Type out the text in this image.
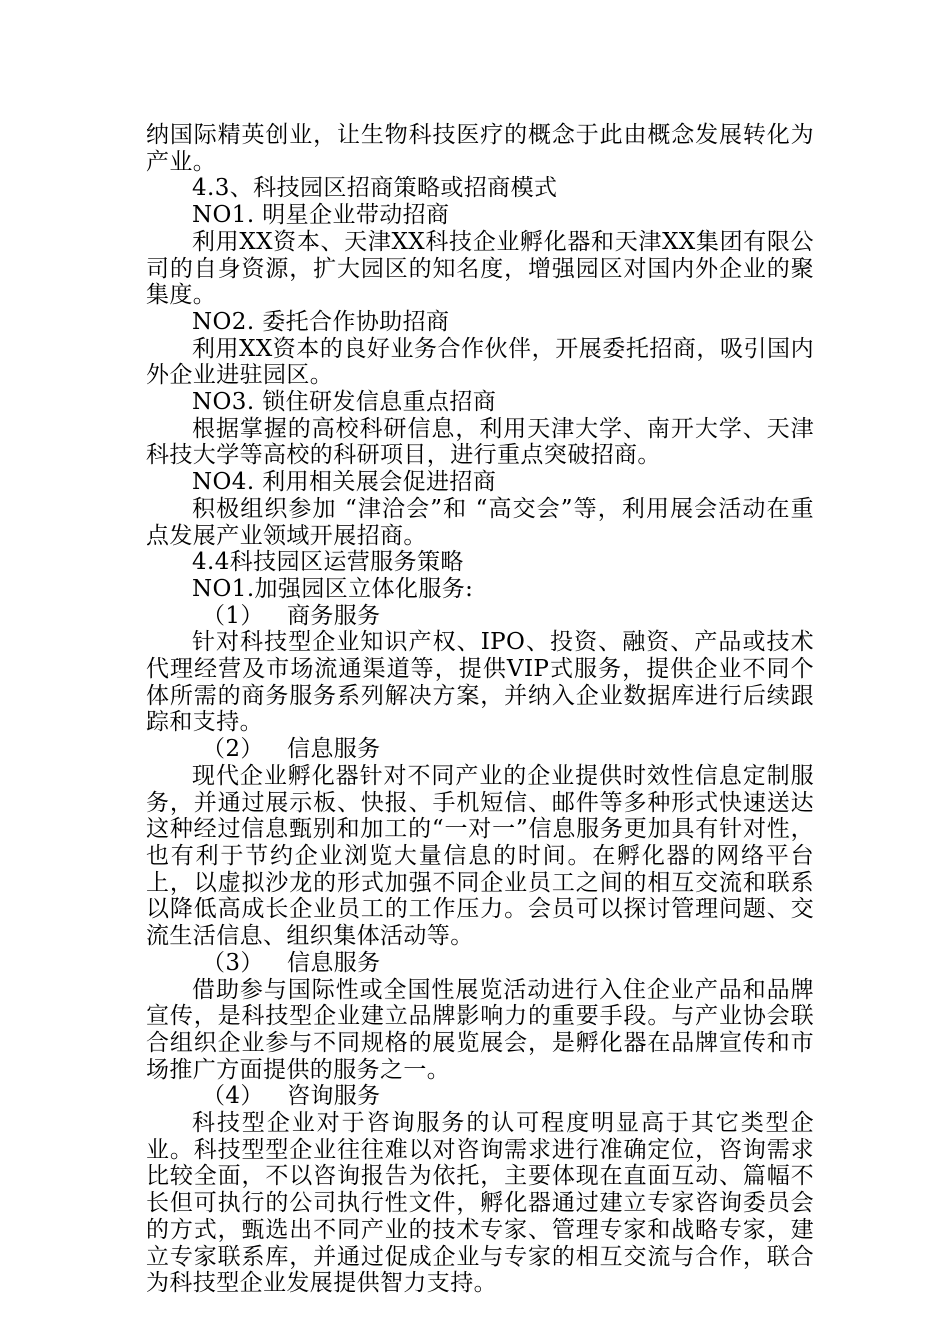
纳国际精英创业，让生物科技医疗的概念于此由概念发展转化为产业。

4.3、科技园区招商策略或招商模式

NO1. 明星企业带动招商

利用XX资本、天津XX科技企业孵化器和天津XX集团有限公司的自身资源，扩大园区的知名度，增强园区对国内外企业的聚集度。

NO2. 委托合作协助招商

利用XX资本的良好业务合作伙伴，开展委托招商，吸引国内外企业进驻园区。

NO3. 锁住研发信息重点招商

根据掌握的高校科研信息，利用天津大学、南开大学、天津科技大学等高校的科研项目，进行重点突破招商。

NO4. 利用相关展会促进招商

积极组织参加 “津洽会”和 “高交会”等，利用展会活动在重点发展产业领域开展招商。

4.4科技园区运营服务策略

NO1.加强园区立体化服务:

（1）   商务服务

针对科技型企业知识产权、IPO、投资、融资、产品或技术代理经营及市场流通渠道等，提供VIP式服务，提供企业不同个体所需的商务服务系列解决方案，并纳入企业数据库进行后续跟踪和支持。

（2）   信息服务

现代企业孵化器针对不同产业的企业提供时效性信息定制服务，并通过展示板、快报、手机短信、邮件等多种形式快速送达这种经过信息甄别和加工的“一对一”信息服务更加具有针对性，也有利于节约企业浏览大量信息的时间。在孵化器的网络平台上，以虚拟沙龙的形式加强不同企业员工之间的相互交流和联系以降低高成长企业员工的工作压力。会员可以探讨管理问题、交流生活信息、组织集体活动等。

（3）   信息服务

借助参与国际性或全国性展览活动进行入住企业产品和品牌宣传，是科技型企业建立品牌影响力的重要手段。与产业协会联合组织企业参与不同规格的展览展会，是孵化器在品牌宣传和市场推广方面提供的服务之一。

（4）   咨询服务

科技型企业对于咨询服务的认可程度明显高于其它类型企业。科技型型企业往往难以对咨询需求进行准确定位，咨询需求比较全面，不以咨询报告为依托，主要体现在直面互动、篇幅不长但可执行的公司执行性文件，孵化器通过建立专家咨询委员会的方式，甄选出不同产业的技术专家、管理专家和战略专家，建立专家联系库，并通过促成企业与专家的相互交流与合作，联合为科技型企业发展提供智力支持。
